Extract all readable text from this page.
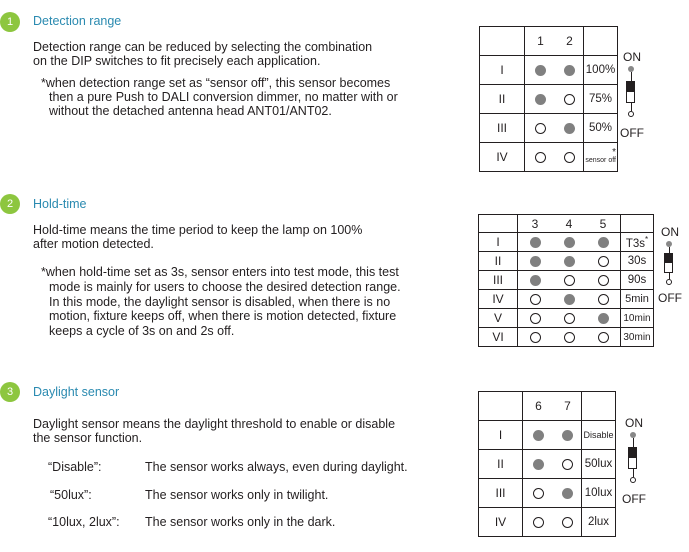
1	Detection range
Detection range can be reduced by selecting the combination
on the DIP switches to fit precisely each application.
*when detection range set as “sensor off”, this sensor becomes
then a pure Push to DALI conversion dimmer, no matter with or
without the detached antenna head ANT01/ANT02.
	1	2	
I			100%
II			75%
III			50%
IV			*
sensor off
ON
OFF
2	Hold-time
Hold-time means the time period to keep the lamp on 100%
after motion detected.
*when hold-time set as 3s, sensor enters into test mode, this test
mode is mainly for users to choose the desired detection range.
In this mode, the daylight sensor is disabled, when there is no
motion, fixture keeps off, when there is motion detected, fixture
keeps a cycle of 3s on and 2s off.
	3	4	5	
I				T3s*
II				30s
III				90s
IV				5min
V				10min
VI				30min
ON
OFF
3	Daylight sensor
Daylight sensor means the daylight threshold to enable or disable
the sensor function.
“Disable”:	The sensor works always, even during daylight.
“50lux”:	The sensor works only in twilight.
“10lux, 2lux”: The sensor works only in the dark.
	6	7	
I			Disable
II			50lux
III			10lux
IV			2lux
ON
OFF
